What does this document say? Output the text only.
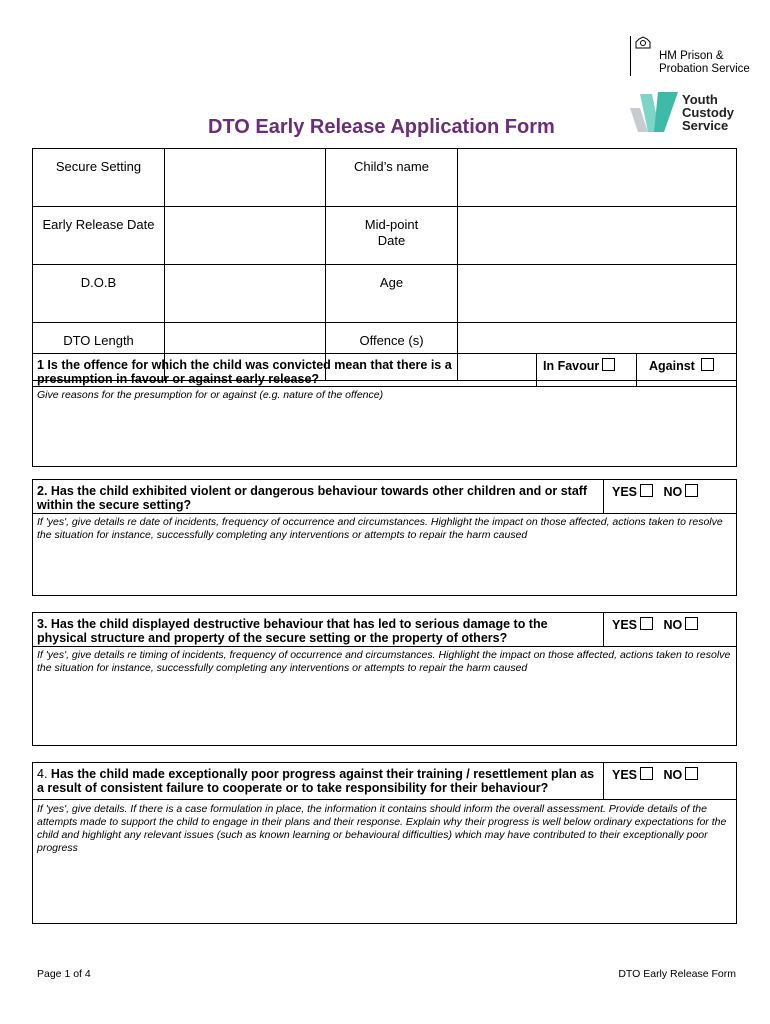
HM Prison &
Probation Service
Youth
Custody
Service
DTO Early Release Application Form
Secure Setting		Child’s name	
Early Release Date		Mid-point
Date	

D.O.B		Age	
DTO Length		Offence (s)	
1 Is the offence for which the child was convicted mean that there is a presumption in favour or against early release?
In Favour	Against
Give reasons for the presumption for or against (e.g. nature of the offence)
2. Has the child exhibited violent or dangerous behaviour towards other children and or staff within the secure setting?
YES NO
If 'yes', give details re date of incidents, frequency of occurrence and circumstances. Highlight the impact on those affected, actions taken to resolve the situation for instance, successfully completing any interventions or attempts to repair the harm caused
3. Has the child displayed destructive behaviour that has led to serious damage to the physical structure and property of the secure setting or the property of others?
YES NO
If 'yes', give details re timing of incidents, frequency of occurrence and circumstances. Highlight the impact on those affected, actions taken to resolve the situation for instance, successfully completing any interventions or attempts to repair the harm caused
4. Has the child made exceptionally poor progress against their training / resettlement plan as a result of consistent failure to cooperate or to take responsibility for their behaviour?
YES NO
If 'yes', give details. If there is a case formulation in place, the information it contains should inform the overall assessment. Provide details of the attempts made to support the child to engage in their plans and their response. Explain why their progress is well below ordinary expectations for the child and highlight any relevant issues (such as known learning or behavioural difficulties) which may have contributed to their exceptionally poor progress
Page 1 of 4	DTO Early Release Form
